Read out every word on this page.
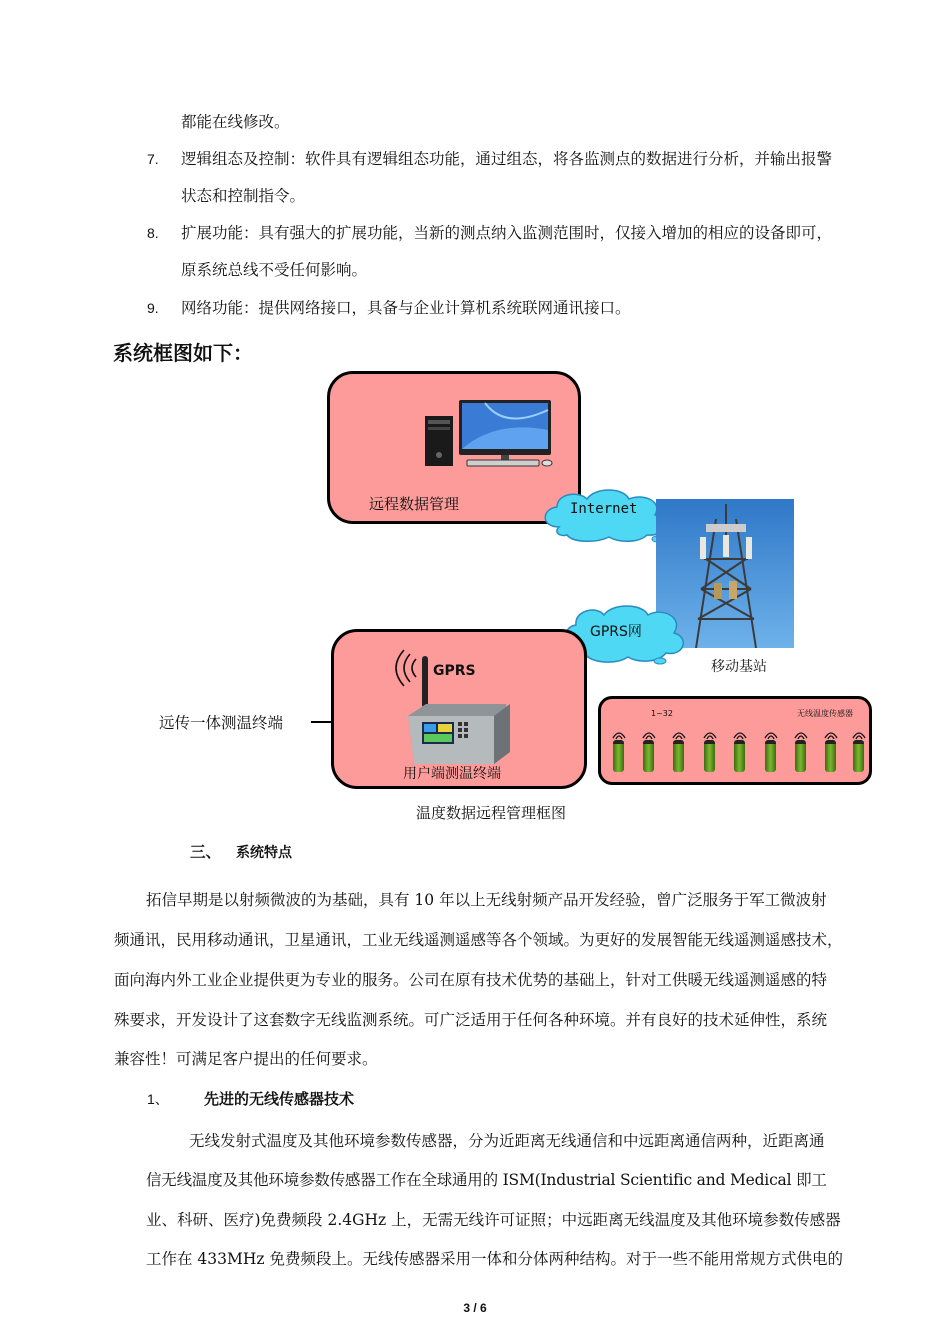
都能在线修改。
7. 逻辑组态及控制：软件具有逻辑组态功能，通过组态，将各监测点的数据进行分析，并输出报警
状态和控制指令。
8. 扩展功能：具有强大的扩展功能，当新的测点纳入监测范围时，仅接入增加的相应的设备即可，
原系统总线不受任何影响。
9. 网络功能：提供网络接口，具备与企业计算机系统联网通讯接口。
系统框图如下：
远程数据管理	Internet
GPRS网
移动基站
GPRS
用户端测温终端
远传一体测温终端
1~32	无线温度传感器
温度数据远程管理框图
三、 系统特点
拓信早期是以射频微波的为基础，具有 10 年以上无线射频产品开发经验，曾广泛服务于军工微波射
频通讯，民用移动通讯，卫星通讯，工业无线遥测遥感等各个领域。为更好的发展智能无线遥测遥感技术，
面向海内外工业企业提供更为专业的服务。公司在原有技术优势的基础上，针对工供暖无线遥测遥感的特
殊要求，开发设计了这套数字无线监测系统。可广泛适用于任何各种环境。并有良好的技术延伸性，系统
兼容性！可满足客户提出的任何要求。
1、 先进的无线传感器技术
无线发射式温度及其他环境参数传感器，分为近距离无线通信和中远距离通信两种，近距离通
信无线温度及其他环境参数传感器工作在全球通用的 ISM(Industrial Scientific and Medical 即工
业、科研、医疗)免费频段 2.4GHz 上，无需无线许可证照；中远距离无线温度及其他环境参数传感器
工作在 433MHz 免费频段上。无线传感器采用一体和分体两种结构。对于一些不能用常规方式供电的
3 / 6
